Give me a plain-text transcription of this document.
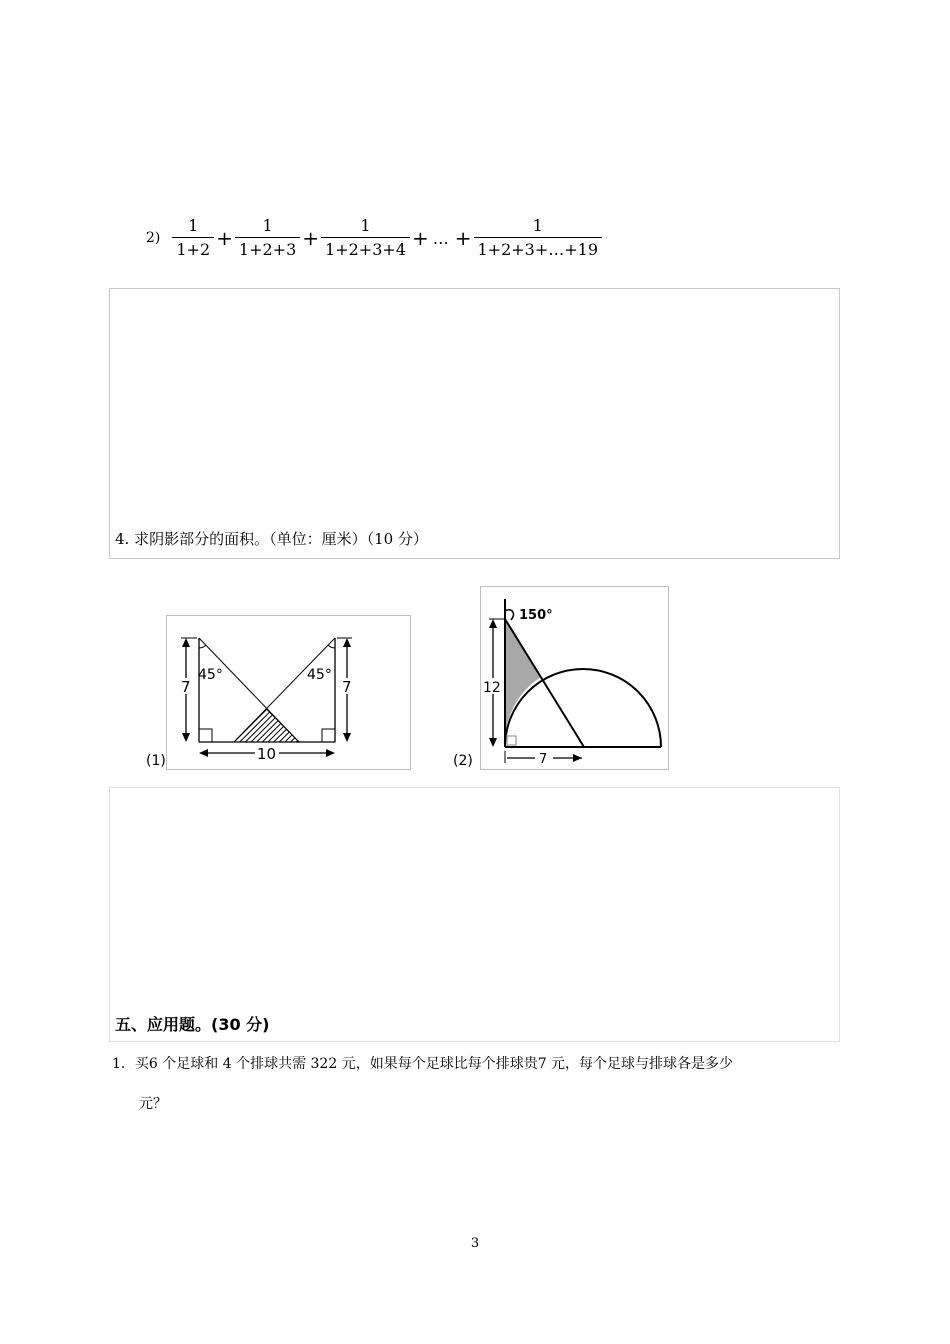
$2) \frac{1}{1+2} + \frac{1}{1+2+3} + \frac{1}{1+2+3+4}$ + … + $\frac{1}{1+2+3+\dots+19}$
4. 求阴影部分的面积。（单位：厘米）（10 分）
45°	45°
7	7
10
(1)
150°
12
7
(2)
五、应用题。(30 分)
1．买6 个足球和 4 个排球共需 322 元，如果每个足球比每个排球贵7 元，每个足球与排球各是多少
元？
3
